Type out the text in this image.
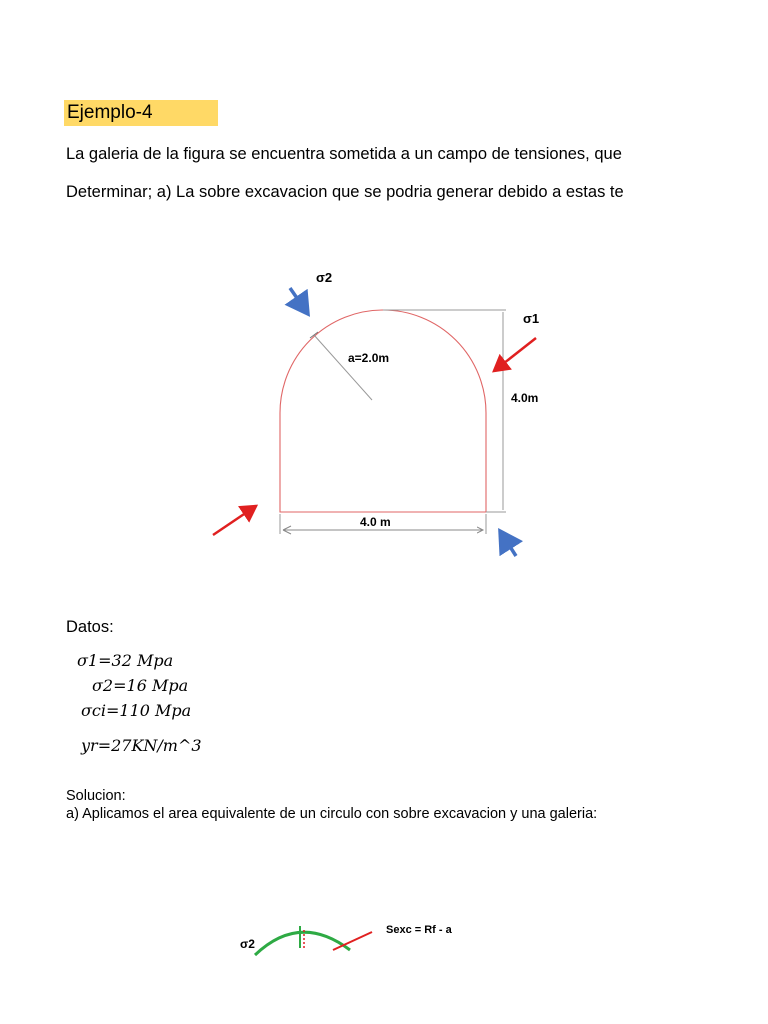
Ejemplo-4
La galeria de la figura se encuentra sometida a un campo de tensiones, que
Determinar; a) La sobre excavacion que se podria generar debido a estas te
σ2
σ1
a=2.0m
4.0m
4.0 m
Datos:
σ1=32 Mpa
σ2=16 Mpa
σci=110 Mpa
yr=27KN/m^3
Solucion:
a) Aplicamos el area equivalente de un circulo con sobre excavacion y una galeria:
σ2
Sexc = Rf - a
